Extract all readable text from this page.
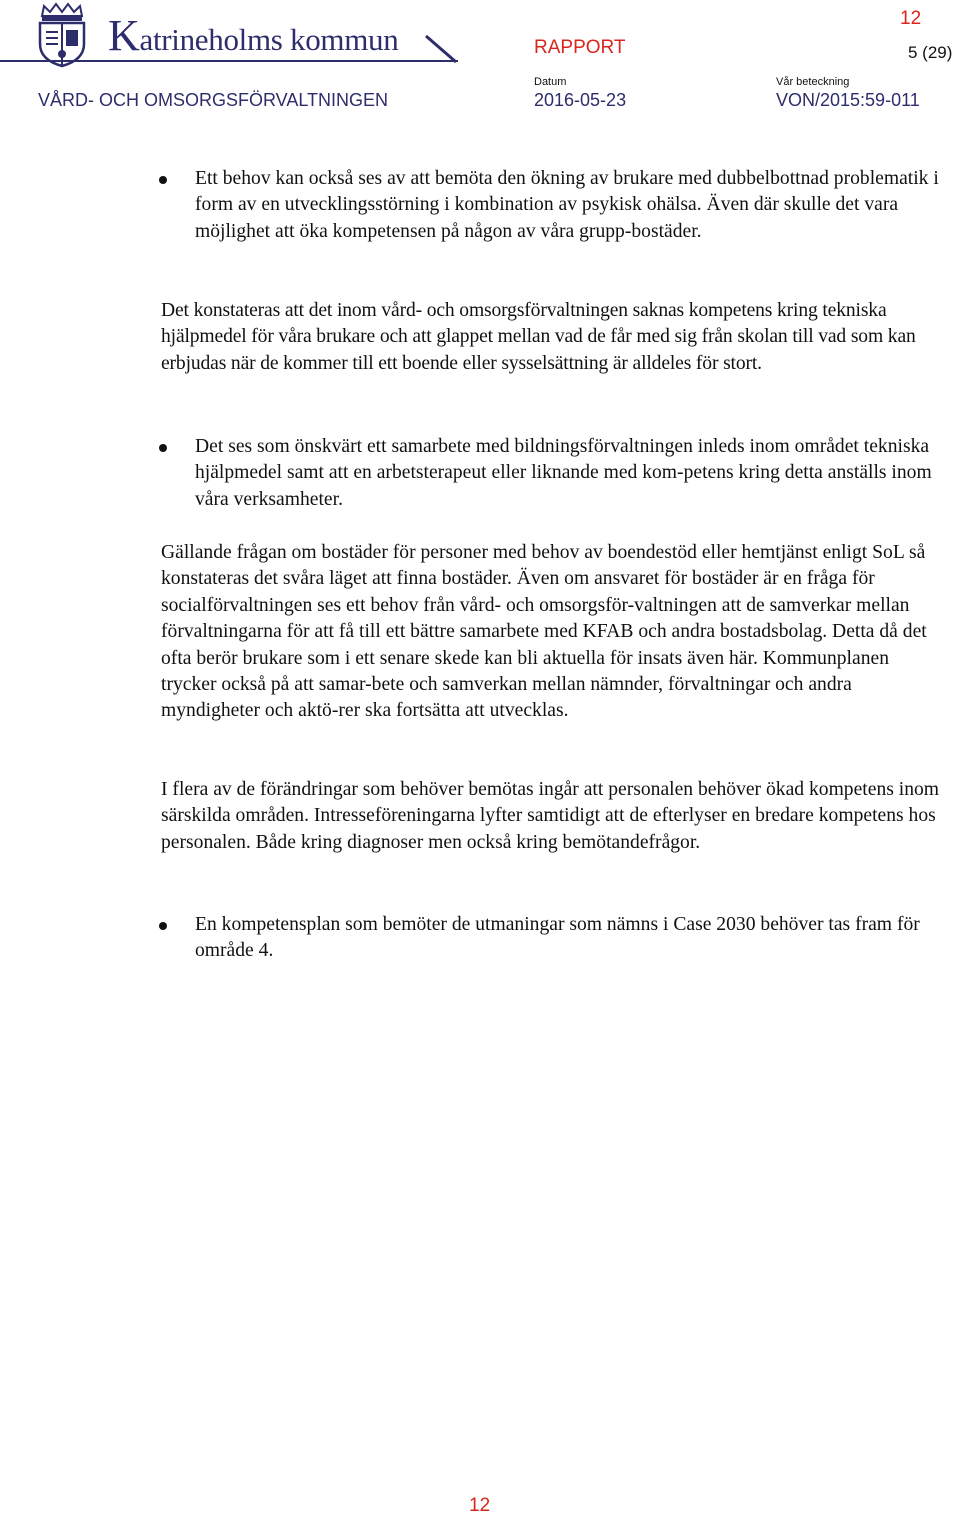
Katrineholms kommun	RAPPORT
12
5 (29)
Datum	Vår beteckning
VÅRD- OCH OMSORGSFÖRVALTNINGEN	2016-05-23	VON/2015:59-011

Ett behov kan också ses av att bemöta den ökning av brukare med dubbelbottnad problematik i form av en utvecklingsstörning i kombination av psykisk ohälsa. Även där skulle det vara möjlighet att öka kompetensen på någon av våra grupp-bostäder.

Det konstateras att det inom vård- och omsorgsförvaltningen saknas kompetens kring tekniska hjälpmedel för våra brukare och att glappet mellan vad de får med sig från skolan till vad som kan erbjudas när de kommer till ett boende eller sysselsättning är alldeles för stort.

Det ses som önskvärt ett samarbete med bildningsförvaltningen inleds inom området tekniska hjälpmedel samt att en arbetsterapeut eller liknande med kom-petens kring detta anställs inom våra verksamheter.

Gällande frågan om bostäder för personer med behov av boendestöd eller hemtjänst enligt SoL så konstateras det svåra läget att finna bostäder. Även om ansvaret för bostäder är en fråga för socialförvaltningen ses ett behov från vård- och omsorgsför-valtningen att de samverkar mellan förvaltningarna för att få till ett bättre samarbete med KFAB och andra bostadsbolag. Detta då det ofta berör brukare som i ett senare skede kan bli aktuella för insats även här. Kommunplanen trycker också på att samar-bete och samverkan mellan nämnder, förvaltningar och andra myndigheter och aktö-rer ska fortsätta att utvecklas.

I flera av de förändringar som behöver bemötas ingår att personalen behöver ökad kompetens inom särskilda områden. Intresseföreningarna lyfter samtidigt att de efterlyser en bredare kompetens hos personalen. Både kring diagnoser men också kring bemötandefrågor.

En kompetensplan som bemöter de utmaningar som nämns i Case 2030 behöver tas fram för område 4.

12
